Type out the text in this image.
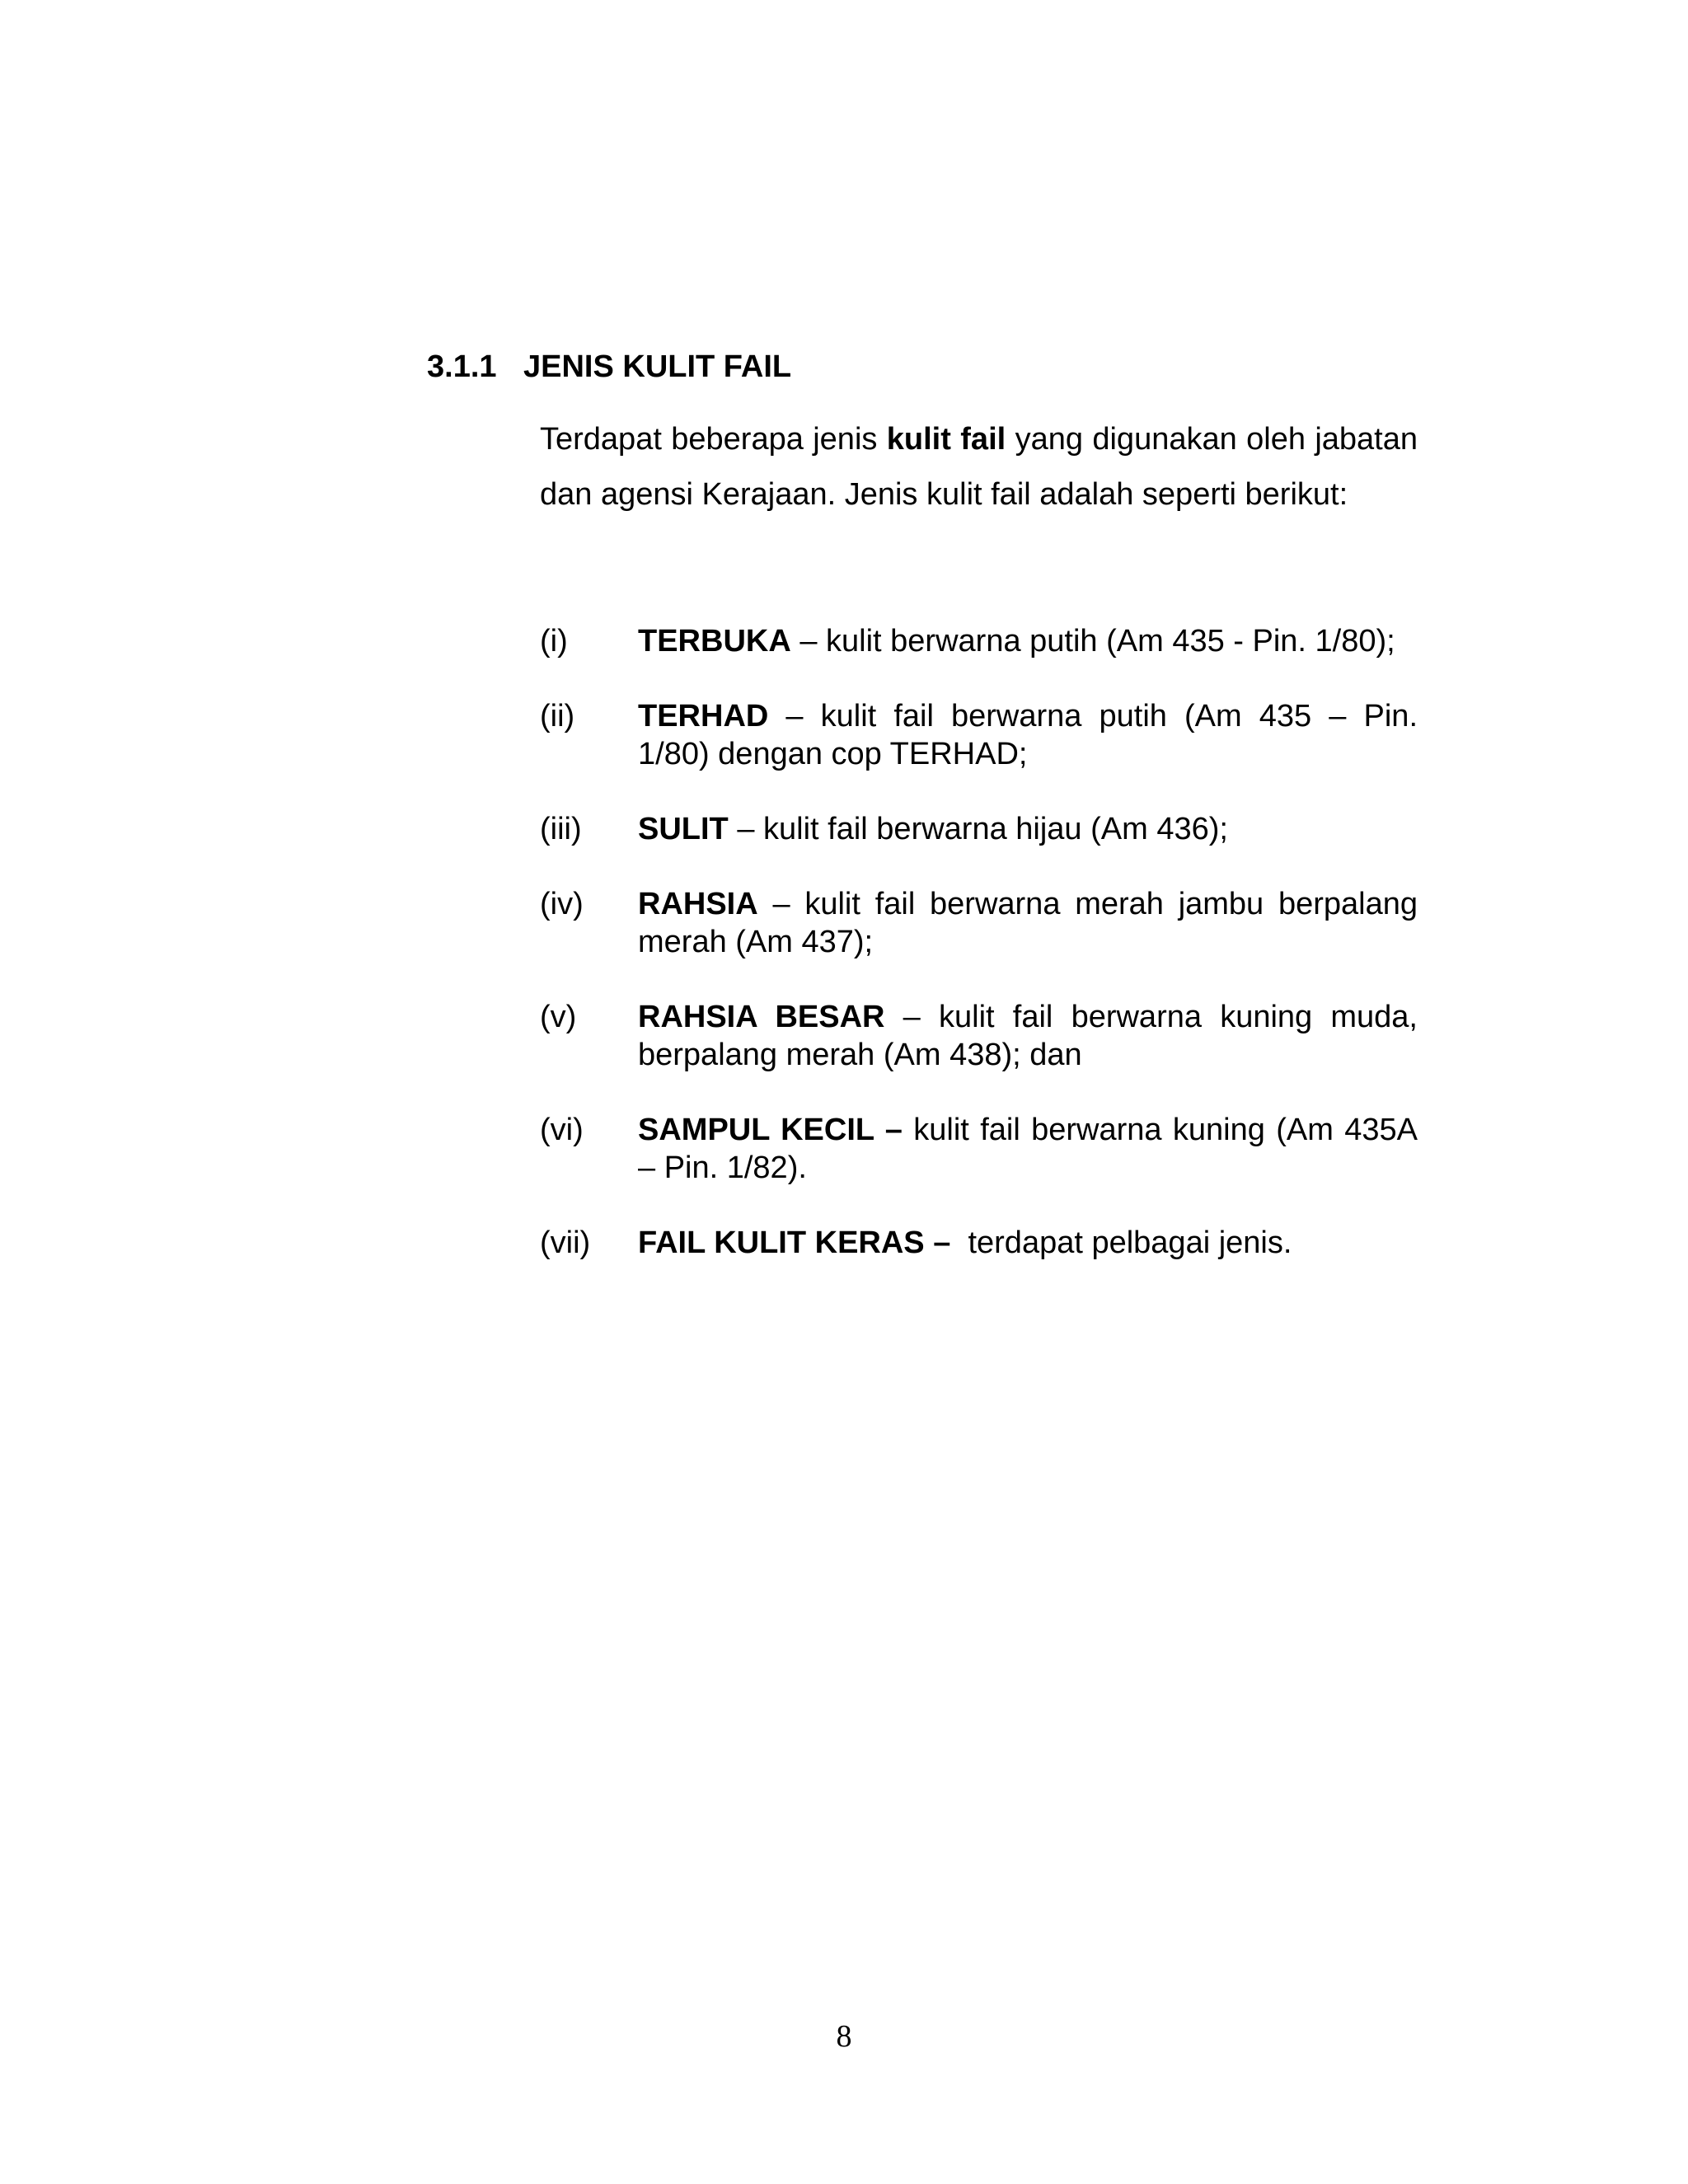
3.1.1 JENIS KULIT FAIL

Terdapat beberapa jenis kulit fail yang digunakan oleh jabatan dan agensi Kerajaan. Jenis kulit fail adalah seperti berikut:

(i)	TERBUKA – kulit berwarna putih (Am 435 - Pin. 1/80);
(ii)	TERHAD – kulit fail berwarna putih (Am 435 – Pin. 1/80) dengan cop TERHAD;
(iii)	SULIT – kulit fail berwarna hijau (Am 436);
(iv)	RAHSIA – kulit fail berwarna merah jambu berpalang merah (Am 437);
(v)	RAHSIA BESAR – kulit fail berwarna kuning muda, berpalang merah (Am 438); dan
(vi)	SAMPUL KECIL – kulit fail berwarna kuning (Am 435A – Pin. 1/82).
(vii)	FAIL KULIT KERAS –  terdapat pelbagai jenis.
8
